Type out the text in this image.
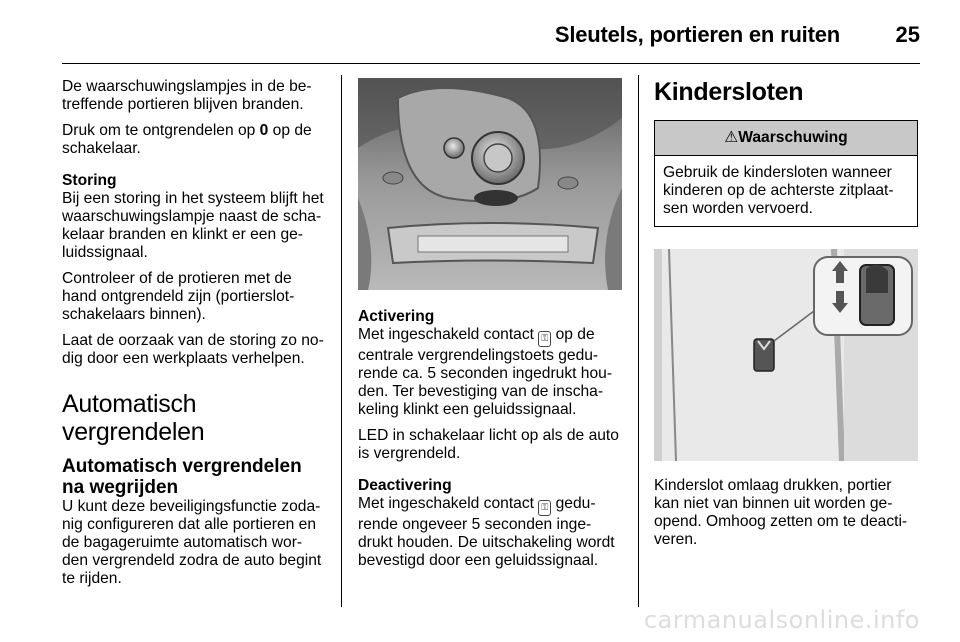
Sleutels, portieren en ruiten	25

De waarschuwingslampjes in de be- treffende portieren blijven branden.

Druk om te ontgrendelen op 0 op de schakelaar.

Storing

Bij een storing in het systeem blijft het waarschuwingslampje naast de scha- kelaar branden en klinkt er een ge- luidssignaal.

Controleer of de protieren met de hand ontgrendeld zijn (portierslot- schakelaars binnen).

Laat de oorzaak van de storing zo no- dig door een werkplaats verhelpen.

Automatisch vergrendelen
Automatisch vergrendelen na wegrijden

U kunt deze beveiligingsfunctie zoda- nig configureren dat alle portieren en de bagageruimte automatisch wor- den vergrendeld zodra de auto begint te rijden.

Activering

Met ingeschakeld contact ⚿ op de centrale vergrendelingstoets gedu- rende ca. 5 seconden ingedrukt hou- den. Ter bevestiging van de inscha- keling klinkt een geluidssignaal.

LED in schakelaar licht op als de auto is vergrendeld.

Deactivering

Met ingeschakeld contact ⚿ gedu- rende ongeveer 5 seconden inge- drukt houden. De uitschakeling wordt bevestigd door een geluidssignaal.

Kindersloten
⚠Waarschuwing
Gebruik de kindersloten wanneer kinderen op de achterste zitplaat- sen worden vervoerd.

Kinderslot omlaag drukken, portier kan niet van binnen uit worden ge- opend. Omhoog zetten om te deacti- veren.

carmanualsonline.info
